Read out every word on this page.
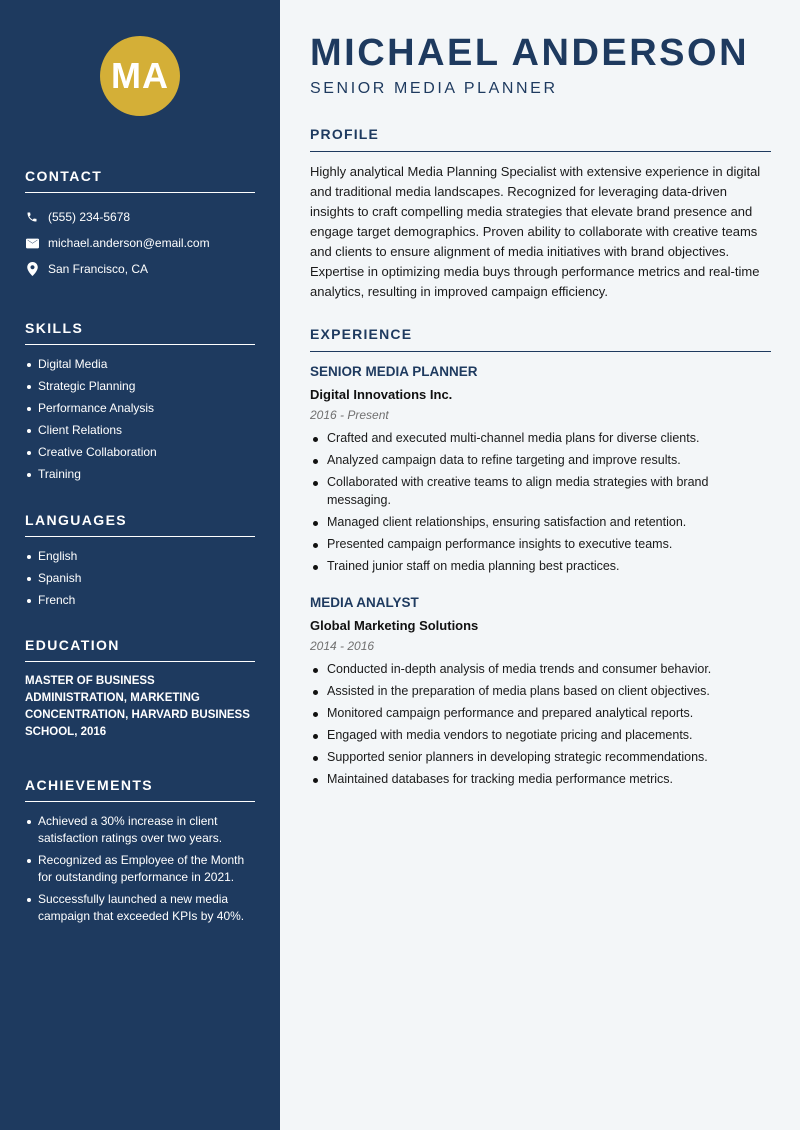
MA
CONTACT
(555) 234-5678
michael.anderson@email.com
San Francisco, CA
SKILLS
Digital Media
Strategic Planning
Performance Analysis
Client Relations
Creative Collaboration
Training
LANGUAGES
English
Spanish
French
EDUCATION

MASTER OF BUSINESS ADMINISTRATION, MARKETING CONCENTRATION, HARVARD BUSINESS SCHOOL, 2016

ACHIEVEMENTS
Achieved a 30% increase in client satisfaction ratings over two years.
Recognized as Employee of the Month for outstanding performance in 2021.
Successfully launched a new media campaign that exceeded KPIs by 40%.
MICHAEL ANDERSON
SENIOR MEDIA PLANNER
PROFILE

Highly analytical Media Planning Specialist with extensive experience in digital and traditional media landscapes. Recognized for leveraging data-driven insights to craft compelling media strategies that elevate brand presence and engage target demographics. Proven ability to collaborate with creative teams and clients to ensure alignment of media initiatives with brand objectives. Expertise in optimizing media buys through performance metrics and real-time analytics, resulting in improved campaign efficiency.

EXPERIENCE
SENIOR MEDIA PLANNER
Digital Innovations Inc.
2016 - Present
Crafted and executed multi-channel media plans for diverse clients.
Analyzed campaign data to refine targeting and improve results.
Collaborated with creative teams to align media strategies with brand messaging.
Managed client relationships, ensuring satisfaction and retention.
Presented campaign performance insights to executive teams.
Trained junior staff on media planning best practices.
MEDIA ANALYST
Global Marketing Solutions
2014 - 2016
Conducted in-depth analysis of media trends and consumer behavior.
Assisted in the preparation of media plans based on client objectives.
Monitored campaign performance and prepared analytical reports.
Engaged with media vendors to negotiate pricing and placements.
Supported senior planners in developing strategic recommendations.
Maintained databases for tracking media performance metrics.
